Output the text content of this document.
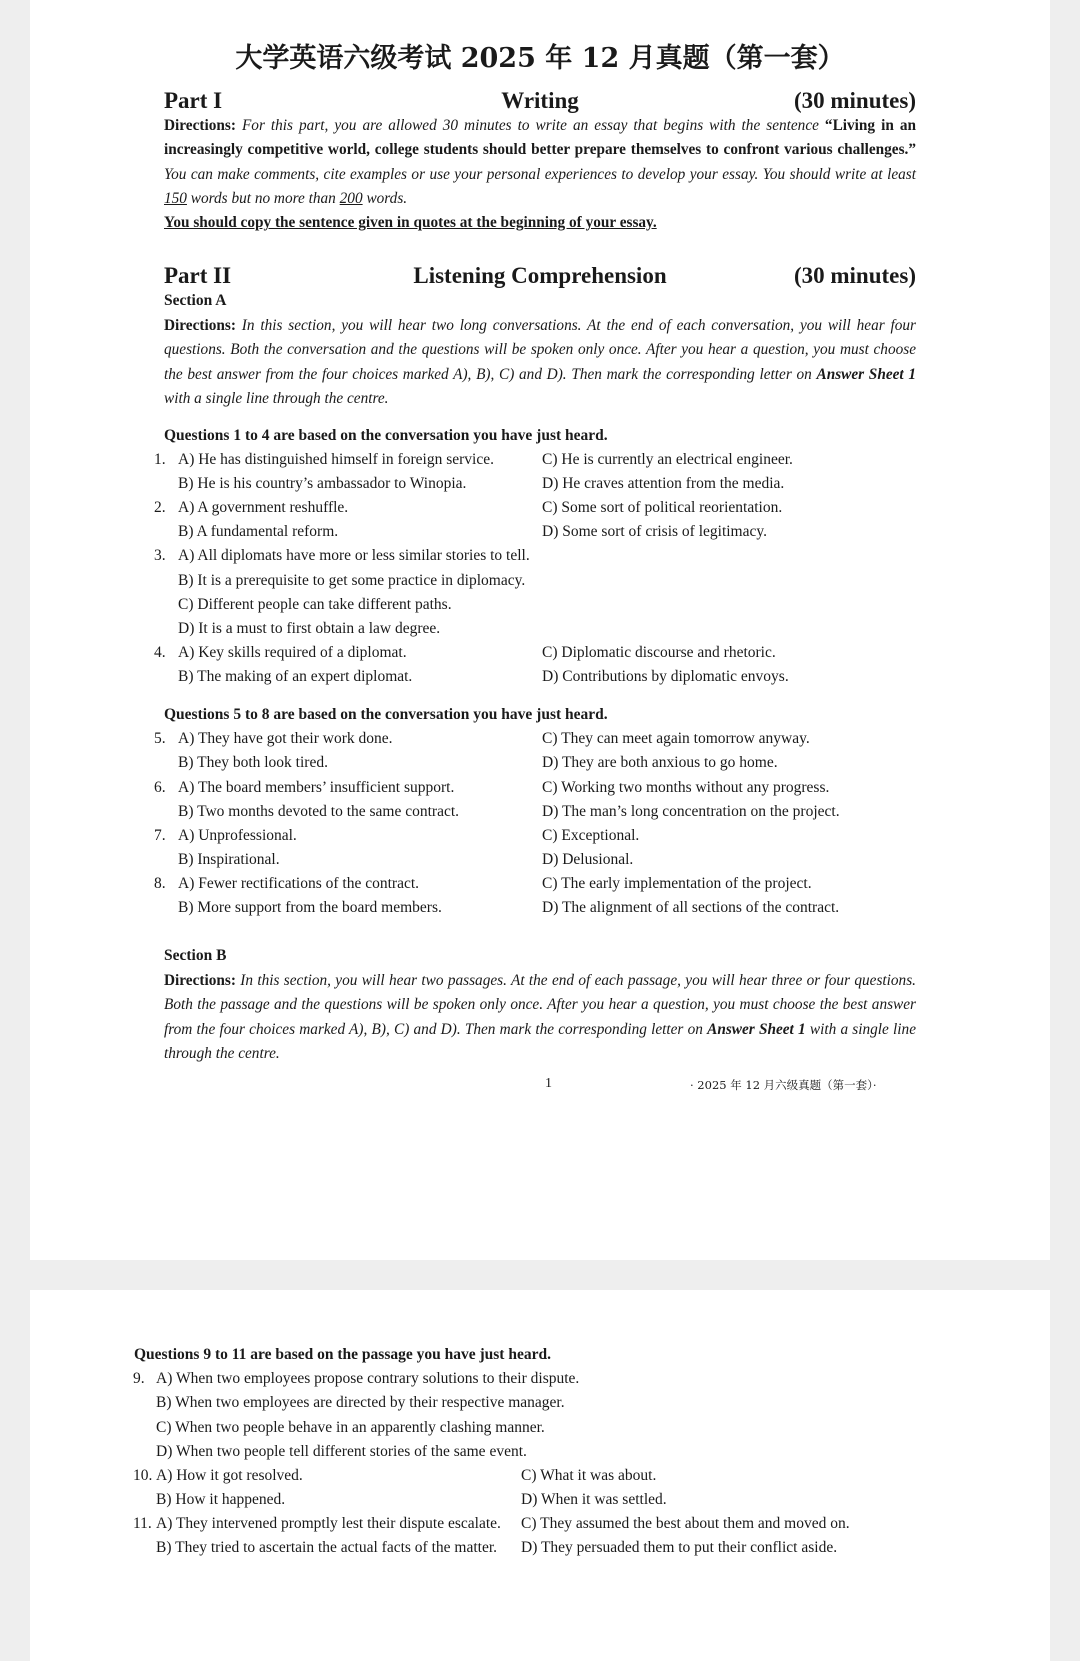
大学英语六级考试 2025 年 12 月真题（第一套）
Part I	Writing	(30 minutes)
Directions: For this part, you are allowed 30 minutes to write an essay that begins with the sentence “Living in an increasingly competitive world, college students should better prepare themselves to confront various challenges.” You can make comments, cite examples or use your personal experiences to develop your essay. You should write at least 150 words but no more than 200 words.
You should copy the sentence given in quotes at the beginning of your essay.
Part II	Listening Comprehension	(30 minutes)
Section A
Directions: In this section, you will hear two long conversations. At the end of each conversation, you will hear four questions. Both the conversation and the questions will be spoken only once. After you hear a question, you must choose the best answer from the four choices marked A), B), C) and D). Then mark the corresponding letter on Answer Sheet 1 with a single line through the centre.
Questions 1 to 4 are based on the conversation you have just heard.
1. A) He has distinguished himself in foreign service.	C) He is currently an electrical engineer.
B) He is his country’s ambassador to Winopia.	D) He craves attention from the media.
2. A) A government reshuffle.	C) Some sort of political reorientation.
B) A fundamental reform.	D) Some sort of crisis of legitimacy.
3. A) All diplomats have more or less similar stories to tell.
B) It is a prerequisite to get some practice in diplomacy.
C) Different people can take different paths.
D) It is a must to first obtain a law degree.
4. A) Key skills required of a diplomat.	C) Diplomatic discourse and rhetoric.
B) The making of an expert diplomat.	D) Contributions by diplomatic envoys.
Questions 5 to 8 are based on the conversation you have just heard.
5. A) They have got their work done.	C) They can meet again tomorrow anyway.
B) They both look tired.	D) They are both anxious to go home.
6. A) The board members’ insufficient support.	C) Working two months without any progress.
B) Two months devoted to the same contract.	D) The man’s long concentration on the project.
7. A) Unprofessional.	C) Exceptional.
B) Inspirational.	D) Delusional.
8. A) Fewer rectifications of the contract.	C) The early implementation of the project.
B) More support from the board members.	D) The alignment of all sections of the contract.
Section B
Directions: In this section, you will hear two passages. At the end of each passage, you will hear three or four questions. Both the passage and the questions will be spoken only once. After you hear a question, you must choose the best answer from the four choices marked A), B), C) and D). Then mark the corresponding letter on Answer Sheet 1 with a single line through the centre.
1	· 2025 年 12 月六级真题（第一套）·
Questions 9 to 11 are based on the passage you have just heard.
9. A) When two employees propose contrary solutions to their dispute.
B) When two employees are directed by their respective manager.
C) When two people behave in an apparently clashing manner.
D) When two people tell different stories of the same event.
10. A) How it got resolved.	C) What it was about.
B) How it happened.	D) When it was settled.
11. A) They intervened promptly lest their dispute escalate. C) They assumed the best about them and moved on.
B) They tried to ascertain the actual facts of the matter. D) They persuaded them to put their conflict aside.
